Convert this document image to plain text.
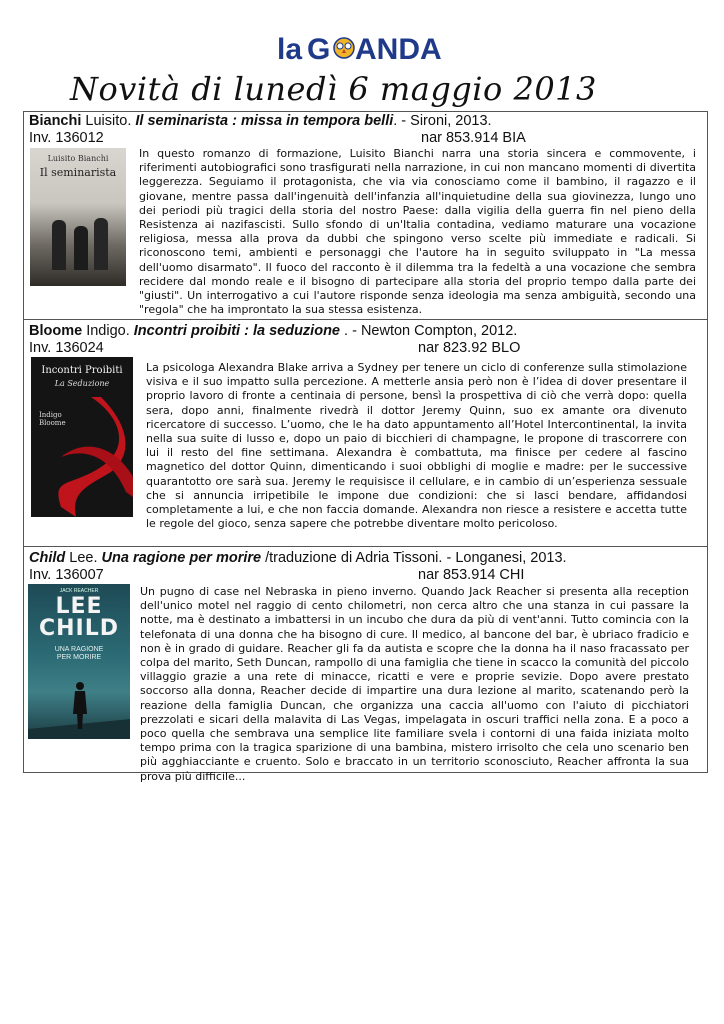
la G ANDA
Novità di lunedì 6 maggio 2013
Bianchi Luisito. Il seminarista : missa in tempora belli. - Sironi, 2013.
Inv. 136012	nar 853.914 BIA
Luisito Bianchi
Il seminarista
In questo romanzo di formazione, Luisito Bianchi narra una storia sincera e commovente, i riferimenti autobiografici sono trasfigurati nella narrazione, in cui non mancano momenti di divertita leggerezza. Seguiamo il protagonista, che via via conosciamo come il bambino, il ragazzo e il giovane, mentre passa dall'ingenuità dell'infanzia all'inquietudine della sua giovinezza, lungo uno dei periodi più tragici della storia del nostro Paese: dalla vigilia della guerra fin nel pieno della Resistenza ai nazifascisti. Sullo sfondo di un'Italia contadina, vediamo maturare una vocazione religiosa, messa alla prova da dubbi che spingono verso scelte più immediate e radicali. Si riconoscono temi, ambienti e personaggi che l'autore ha in seguito sviluppato in "La messa dell'uomo disarmato". Il fuoco del racconto è il dilemma tra la fedeltà a una vocazione che sembra recidere dal mondo reale e il bisogno di partecipare alla storia del proprio tempo dalla parte dei "giusti". Un interrogativo a cui l'autore risponde senza ideologia ma senza ambiguità, secondo una "regola" che ha improntato la sua stessa esistenza.
Bloome Indigo. Incontri proibiti : la seduzione . - Newton Compton, 2012.
Inv. 136024	nar 823.92 BLO
Incontri Proibiti
La Seduzione
Indigo Bloome
La psicologa Alexandra Blake arriva a Sydney per tenere un ciclo di conferenze sulla stimolazione visiva e il suo impatto sulla percezione. A metterle ansia però non è l’idea di dover presentare il proprio lavoro di fronte a centinaia di persone, bensì la prospettiva di ciò che verrà dopo: quella sera, dopo anni, finalmente rivedrà il dottor Jeremy Quinn, suo ex amante ora divenuto ricercatore di successo. L’uomo, che le ha dato appuntamento all’Hotel Intercontinental, la invita nella sua suite di lusso e, dopo un paio di bicchieri di champagne, le propone di trascorrere con lui il resto del fine settimana. Alexandra è combattuta, ma finisce per cedere al fascino magnetico del dottor Quinn, dimenticando i suoi obblighi di moglie e madre: per le successive quarantotto ore sarà sua. Jeremy le requisisce il cellulare, e in cambio di un’esperienza sessuale che si annuncia irripetibile le impone due condizioni: che si lasci bendare, affidandosi completamente a lui, e che non faccia domande. Alexandra non riesce a resistere e accetta tutte le regole del gioco, senza sapere che potrebbe diventare molto pericoloso.
Child Lee. Una ragione per morire /traduzione di Adria Tissoni. - Longanesi, 2013.
Inv. 136007	nar 853.914 CHI
JACK REACHER
LEE
CHILD
UNA RAGIONE PER MORIRE
Un pugno di case nel Nebraska in pieno inverno. Quando Jack Reacher si presenta alla reception dell'unico motel nel raggio di cento chilometri, non cerca altro che una stanza in cui passare la notte, ma è destinato a imbattersi in un incubo che dura da più di vent'anni. Tutto comincia con la telefonata di una donna che ha bisogno di cure. Il medico, al bancone del bar, è ubriaco fradicio e non è in grado di guidare. Reacher gli fa da autista e scopre che la donna ha il naso fracassato per colpa del marito, Seth Duncan, rampollo di una famiglia che tiene in scacco la comunità del piccolo villaggio grazie a una rete di minacce, ricatti e vere e proprie sevizie. Dopo avere prestato soccorso alla donna, Reacher decide di impartire una dura lezione al marito, scatenando però la reazione della famiglia Duncan, che organizza una caccia all'uomo con l'aiuto di picchiatori prezzolati e sicari della malavita di Las Vegas, impelagata in oscuri traffici nella zona. E a poco a poco quella che sembrava una semplice lite familiare svela i contorni di una faida iniziata molto tempo prima con la tragica sparizione di una bambina, mistero irrisolto che cela uno scenario ben più agghiacciante e cruento. Solo e braccato in un territorio sconosciuto, Reacher affronta la sua prova più difficile...
